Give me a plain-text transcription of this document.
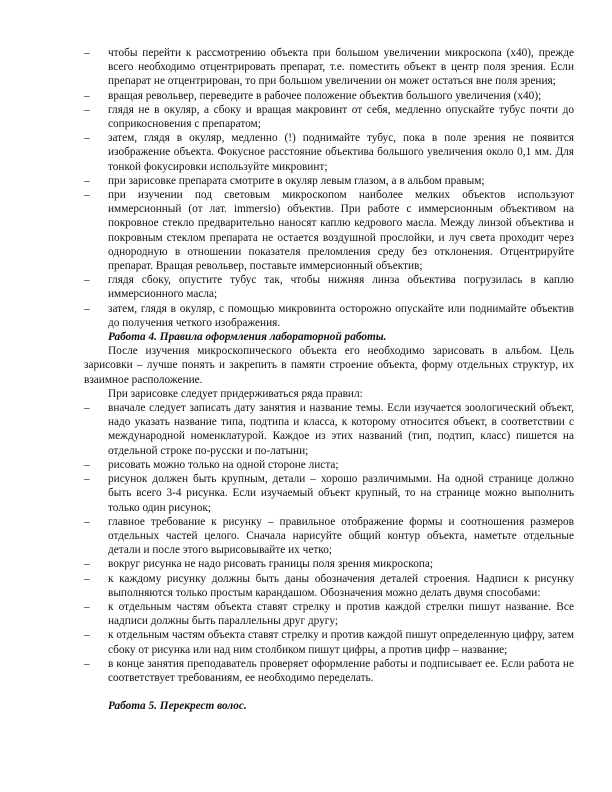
– чтобы перейти к рассмотрению объекта при большом увеличении микроскопа (х40), прежде всего необходимо отцентрировать препарат, т.е. поместить объект в центр поля зрения. Если препарат не отцентрирован, то при большом увеличении он может остаться вне поля зрения;
– вращая револьвер, переведите в рабочее положение объектив большого увеличения (х40);
– глядя не в окуляр, а сбоку и вращая макровинт от себя, медленно опускайте тубус почти до соприкосновения с препаратом;
– затем, глядя в окуляр, медленно (!) поднимайте тубус, пока в поле зрения не появится изображение объекта. Фокусное расстояние объектива большого увеличения около 0,1 мм. Для тонкой фокусировки используйте микровинт;
– при зарисовке препарата смотрите в окуляр левым глазом, а в альбом правым;
– при изучении под световым микроскопом наиболее мелких объектов используют иммерсионный (от лат. immersio) объектив. При работе с иммерсионным объективом на покровное стекло предварительно наносят каплю кедрового масла. Между линзой объектива и покровным стеклом препарата не остается воздушной прослойки, и луч света проходит через однородную в отношении показателя преломления среду без отклонения. Отцентрируйте препарат. Вращая револьвер, поставьте иммерсионный объектив;
– глядя сбоку, опустите тубус так, чтобы нижняя линза объектива погрузилась в каплю иммерсионного масла;
– затем, глядя в окуляр, с помощью микровинта осторожно опускайте или поднимайте объектив до получения четкого изображения.
Работа 4. Правила оформления лабораторной работы.
После изучения микроскопического объекта его необходимо зарисовать в альбом. Цель зарисовки – лучше понять и закрепить в памяти строение объекта, форму отдельных структур, их взаимное расположение.
При зарисовке следует придерживаться ряда правил:
– вначале следует записать дату занятия и название темы. Если изучается зоологический объект, надо указать название типа, подтипа и класса, к которому относится объект, в соответствии с международной номенклатурой. Каждое из этих названий (тип, подтип, класс) пишется на отдельной строке по-русски и по-латыни;
– рисовать можно только на одной стороне листа;
– рисунок должен быть крупным, детали – хорошо различимыми. На одной странице должно быть всего 3-4 рисунка. Если изучаемый объект крупный, то на странице можно выполнить только один рисунок;
– главное требование к рисунку – правильное отображение формы и соотношения размеров отдельных частей целого. Сначала нарисуйте общий контур объекта, наметьте отдельные детали и после этого вырисовывайте их четко;
– вокруг рисунка не надо рисовать границы поля зрения микроскопа;
– к каждому рисунку должны быть даны обозначения деталей строения. Надписи к рисунку выполняются только простым карандашом. Обозначения можно делать двумя способами:
– к отдельным частям объекта ставят стрелку и против каждой стрелки пишут название. Все надписи должны быть параллельны друг другу;
– к отдельным частям объекта ставят стрелку и против каждой пишут определенную цифру, затем сбоку от рисунка или над ним столбиком пишут цифры, а против цифр – название;
– в конце занятия преподаватель проверяет оформление работы и подписывает ее. Если работа не соответствует требованиям, ее необходимо переделать.
Работа 5. Перекрест волос.
